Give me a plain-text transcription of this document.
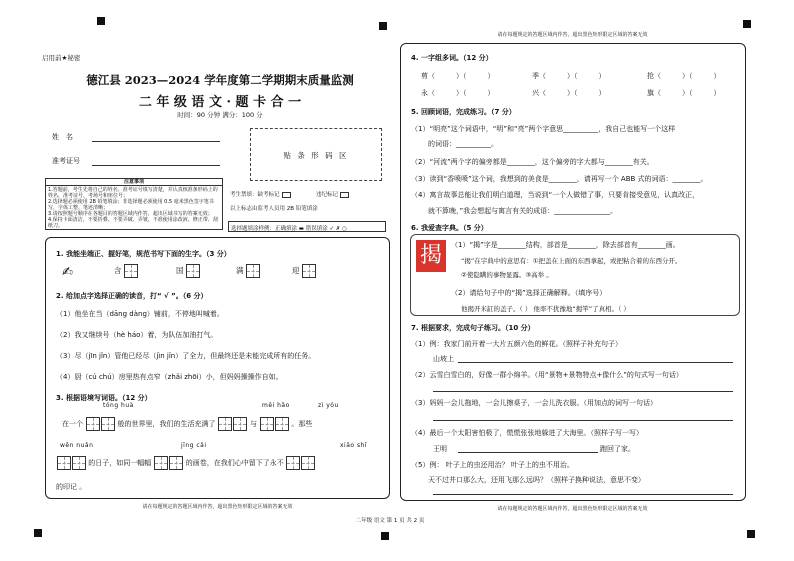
启用前★秘密
德江县 2023—2024 学年度第二学期期末质量监测
二 年 级 语 文 · 题 卡 合 一
时间：90 分钟 满分：100 分
姓　名
准考证号
贴 条 形 码 区
注意事项
1.答题前，考生先将自己的姓名、准考证号填写清楚，并认真核准条形码上的姓名、准考证号、考场号和座位号；
2.选择题必须使用 2B 铅笔填涂；非选择题必须使用 0.5 毫米黑色签字笔书写，字体工整、笔迹清晰；
3.请按照题号顺序在各题目的答题区域内作答，超出区域书写的答案无效；
4.保持卡面清洁，不要折叠、不要弄破、弄皱，不准使用涂改液、修正带、刮纸刀。
考生禁填：缺考标记	违纪标记
以上标志由监考人员用 2B 铅笔填涂
选择题填涂样例：正确填涂 ▬ 错误填涂 ✓ ✗ ○
1. 我能坐端正、握好笔，规范书写下面的生字。（3 分）
✍	含	国	满	迎
2. 给加点字选择正确的读音，打“ √ ”。（6 分）
（1）他坐在当（dāng dàng）铺前，不停地叫喊着。
（2）我又继续号（hè háo）着，为队伍加油打气。
（3）尽（jīn jǐn）管他已经尽（jìn jǐn）了全力，但最终还是未能完成所有的任务。
（4）厨（cú chú）房里热有点窄（zhǎi zhōi）小，但妈妈操操作自如。
3. 根据语境写词语。（12 分）
tóng huà	měi hǎo	zì yóu
在一个	般的世界里，我们的生活充满了	与	。那些
wēn nuǎn	jīng cǎi	xiāo shī
的日子，如同一幅幅	的画卷，在我们心中留下了永不
的印记 。
请在每题规定的答题区域内作答，超出黑色矩形限定区域的答案无效
二年级 语文 第 1 页 共 2 页
请在每题规定的答题区域内作答，超出黑色矩形限定区域的答案无效
4. 一字组多词。（12 分）
剪（　　　）（　　　）	季（　　　）（　　　）	抢（　　　）（　　　）
永（　　　）（　　　）	兴（　　　）（　　　）	旗（　　　）（　　　）
5. 回顾词语，完成练习。（7 分）
（1）“明亮”这个词语中，“明”和“亮”两个字意思__________，我自己也能写一个这样
的词语：__________。
（2）“河流”两个字的偏旁都是________，这个偏旁的字大都与________有关。
（3）读到“香喷喷”这个词，我想到的美食是________，请再写一个 ABB 式的词语：________。
（4）寓言故事总能让我们明白道理，当说到“一个人做错了事，只要肯接受意见，认真改正，
就不算晚，”我会想起与寓言有关的成语：________________。
6. 我爱查字典。（5 分）
揭	（1）“揭”字是________结构，部首是________，除去部首有________画。
“揭”在字典中的意思有：①把盖在上面的东西拿起，或把粘合着的东西分开。
②使隐瞒的事物显露。③高举 。
（2）请给句子中的“揭”选择正确解释。（填序号）
他揭开米缸的盖子。（ ） 他率不犹豫地“揭竿”了真相。（ ）
7. 根据要求，完成句子练习。（10 分）
（1）例：我家门前开着一大片五颜六色的鲜花。（照样子补充句子）
山坡上
（2）云雪白雪白的，好像一群小绵羊。（用“景物+景物特点+像什么”的句式写一句话）
（3）妈妈一会儿拖地，一会儿擦桌子，一会儿洗衣服。（用加点的词写一句话）
（4）最后一个太阳害怕极了，慌慌张张地躲进了大海里。（照样子写一写）
王明	跑回了家。
（5）例： 叶子上的虫还用治？ 叶子上的虫不用治。
天不过井口那么大，还用飞那么远吗？（照样子换种说法，意思不变）
请在每题规定的答题区域内作答，超出黑色矩形限定区域的答案无效
